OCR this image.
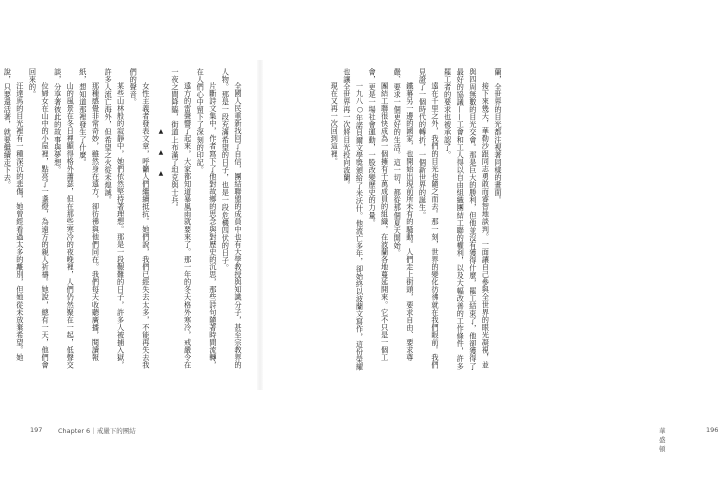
全國人民重新找回了自信，團結聯盟的成員中也有大學教授與知識分子，甚至宗教界的人物。那是一段充滿希望的日子，也是一段危機四伏的日子。

片斷詩文集中，作者寫下了他對故鄉的思念與對歷史的沉思，那些詩句隨著時間流轉，在人們心中留下了深刻的印記。

遠方的雷聲響了起來，大家都知道暴風雨就要來了。那一年的冬天格外寒冷，戒嚴令在一夜之間降臨，街道上布滿了坦克與士兵。

▲ ▲ ▲

女性主義者發表文章，呼籲人們繼續抵抗。她們說，我們已經失去太多，不能再失去我們的聲音。

某些山林般的寂靜中，她們依然堅持著理想。那是一段艱難的日子，許多人被捕入獄，許多人流亡海外，但希望之火從未熄滅。

那種感覺非常奇妙，雖然身在遠方，卻彷彿與他們同在。我們每天收聽廣播，閱讀報紙，想知道那裡發生了什麼。

山的風景在冬日裡顯得格外蕭瑟，但在那些寒冷的夜晚裡，人們仍然聚在一起，低聲交談，分享著彼此的故事與夢想。

位婦女在山中的小屋裡，點亮了一盞燈，為遠方的親人祈禱。她說，總有一天，他們會回來的。

汪達馬的目光裡有一種深沉的悲傷，她曾經看過太多的離別，但她從未放棄希望。她說，只要還活著，就要繼續走下去。

197 Chapter 6｜戒嚴下的團結

蘭，全世界的目光都注視著同樣的畫面。

接下來幾天，華勒沙跟同志勇敢而睿智地談判。一面讓自己參與全世界的眼光凝視，並與四周無數的目光交會。那是巨大的勝利，但他並沒有獲得什麼，罷工結束了，他卻獲得了最好的協議——工會和工人得以自由組織團結工聯的權利，以及大幅改善的工作條件，許多罷工者的要求也被承認了。

遠在千里之外，我們的目光也隨之而去。那一刻，世界的變化彷彿就在我們眼前。我們見證了一個時代的轉折，一個新世界的誕生。

鐵幕另一邊的國家，也開始出現前所未有的騷動。人們走上街頭，要求自由、要求尊嚴、要求一個更好的生活。這一切，都從那個夏天開始。

團結工聯很快成為一個擁有千萬成員的組織，在波蘭各地蔓延開來。它不只是一個工會，更是一場社會運動，一股改變歷史的力量。

一九八○年諾貝爾文學獎頒給了米沃什。他流亡多年，卻始終以波蘭文寫作，這份榮耀也讓全世界再一次將目光投向波蘭。

現在又再一次回到這裡。

華盛頓
196
